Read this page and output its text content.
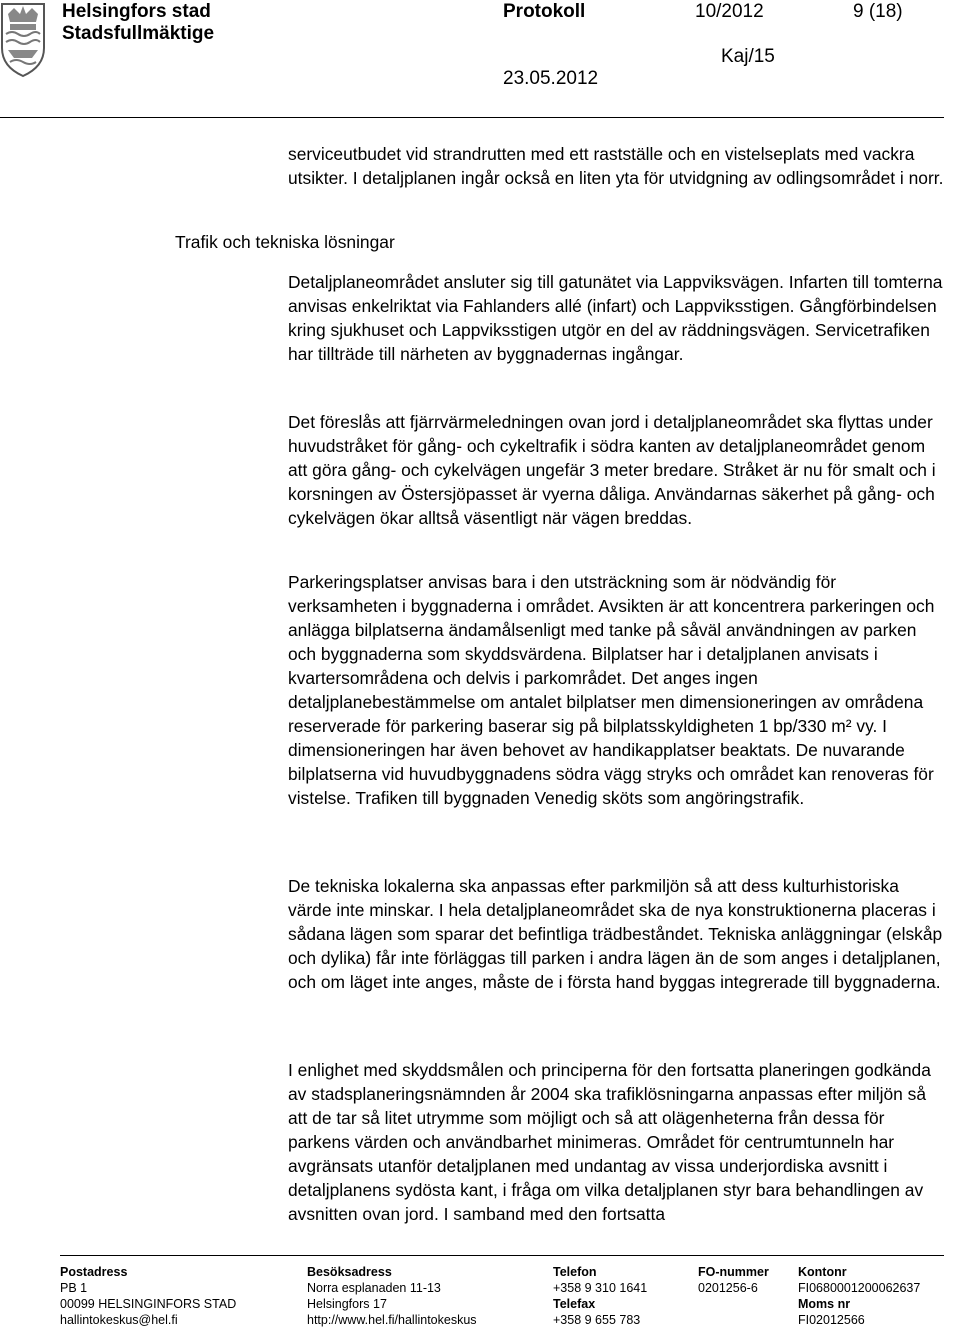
Helsingfors stad
Stadsfullmäktige
Protokoll	10/2012	9 (18)
Kaj/15
23.05.2012
Trafik och tekniska lösningar
serviceutbudet vid strandrutten med ett rastställe och en vistelseplats med vackra utsikter. I detaljplanen ingår också en liten yta för utvidgning av odlingsområdet i norr.
Detaljplaneområdet ansluter sig till gatunätet via Lappviksvägen. Infarten till tomterna anvisas enkelriktat via Fahlanders allé (infart) och Lappviksstigen. Gångförbindelsen kring sjukhuset och Lappviksstigen utgör en del av räddningsvägen. Servicetrafiken har tillträde till närheten av byggnadernas ingångar.
Det föreslås att fjärrvärmeledningen ovan jord i detaljplaneområdet ska flyttas under huvudstråket för gång- och cykeltrafik i södra kanten av detaljplaneområdet genom att göra gång- och cykelvägen ungefär 3 meter bredare. Stråket är nu för smalt och i korsningen av Östersjöpasset är vyerna dåliga. Användarnas säkerhet på gång- och cykelvägen ökar alltså väsentligt när vägen breddas.
Parkeringsplatser anvisas bara i den utsträckning som är nödvändig för verksamheten i byggnaderna i området. Avsikten är att koncentrera parkeringen och anlägga bilplatserna ändamålsenligt med tanke på såväl användningen av parken och byggnaderna som skyddsvärdena. Bilplatser har i detaljplanen anvisats i kvartersområdena och delvis i parkområdet. Det anges ingen detaljplanebestämmelse om antalet bilplatser men dimensioneringen av områdena reserverade för parkering baserar sig på bilplatsskyldigheten 1 bp/330 m² vy. I dimensioneringen har även behovet av handikapplatser beaktats. De nuvarande bilplatserna vid huvudbyggnadens södra vägg stryks och området kan renoveras för vistelse. Trafiken till byggnaden Venedig sköts som angöringstrafik.
De tekniska lokalerna ska anpassas efter parkmiljön så att dess kulturhistoriska värde inte minskar. I hela detaljplaneområdet ska de nya konstruktionerna placeras i sådana lägen som sparar det befintliga trädbeståndet. Tekniska anläggningar (elskåp och dylika) får inte förläggas till parken i andra lägen än de som anges i detaljplanen, och om läget inte anges, måste de i första hand byggas integrerade till byggnaderna.
I enlighet med skyddsmålen och principerna för den fortsatta planeringen godkända av stadsplaneringsnämnden år 2004 ska trafiklösningarna anpassas efter miljön så att de tar så litet utrymme som möjligt och så att olägenheterna från dessa för parkens värden och användbarhet minimeras. Området för centrumtunneln har avgränsats utanför detaljplanen med undantag av vissa underjordiska avsnitt i detaljplanens sydösta kant, i fråga om vilka detaljplanen styr bara behandlingen av avsnitten ovan jord. I samband med den fortsatta
Postadress
PB 1
00099 HELSINGINFORS STAD
hallintokeskus@hel.fi
Besöksadress
Norra esplanaden 11-13
Helsingfors 17
http://www.hel.fi/hallintokeskus
Telefon
+358 9 310 1641
Telefax
+358 9 655 783
FO-nummer
0201256-6
Kontonr
FI0680001200062637
Moms nr
FI02012566
